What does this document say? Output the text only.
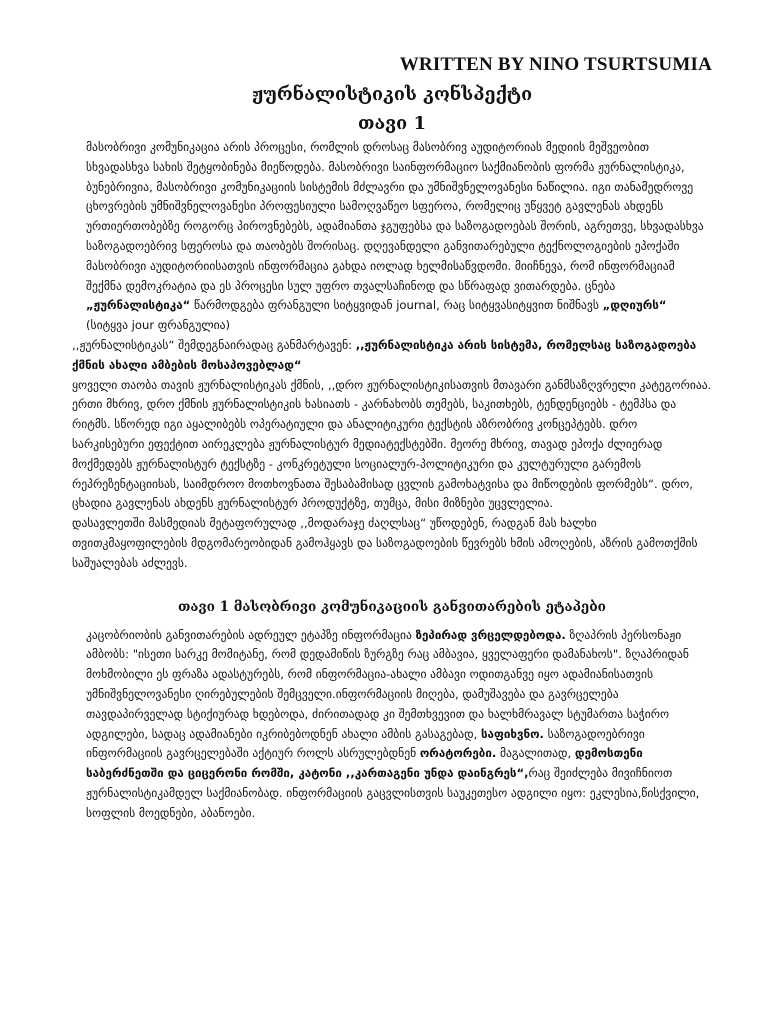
WRITTEN BY NINO TSURTSUMIA
ჟურნალისტიკის კონსპექტი
თავი 1

მასობრივი კომუნიკაცია არის პროცესი, რომლის დროსაც მასობრივ აუდიტორიას მედიის მეშვეობით სხვადასხვა სახის შეტყობინება მიეწოდება. მასობრივი საინფორმაციო საქმიანობის ფორმა ჟურნალისტიკა, ბუნებრივია, მასობრივი კომუნიკაციის სისტემის მძლავრი და უმნიშვნელოვანესი ნაწილია. იგი თანამედროვე ცხოვრების უმნიშვნელოვანესი პროფესიული სამოღვაწეო სფეროა, რომელიც უწყვეტ გავლენას ახდენს ურთიერთობებზე როგორც პიროვნებებს, ადამიანთა ჯგუფებსა და საზოგადოებას შორის, აგრეთვე, სხვადასხვა საზოგადოებრივ სფეროსა და თაობებს შორისაც. დღევანდელი განვითარებული ტექნოლოგიების ეპოქაში მასობრივი აუდიტორიისათვის ინფორმაცია გახდა იოლად ხელმისაწვდომი. მიიჩნევა, რომ ინფორმაციამ შექმნა დემოკრატია და ეს პროცესი სულ უფრო თვალსაჩინოდ და სწრაფად ვითარდება. ცნება „ჟურნალისტიკა“ წარმოდგება ფრანგული სიტყვიდან journal, რაც სიტყვასიტყვით ნიშნავს „დღიურს“ (სიტყვა jour ფრანგულია)

,,ჟურნალისტიკას“ შემდეგნაირადაც განმარტავენ: ,,ჟურნალისტიკა არის სისტემა, რომელსაც საზოგადოება ქმნის ახალი ამბების მოსაპოვებლად“

ყოველი თაობა თავის ჟურნალისტიკას ქმნის, ,,დრო ჟურნალისტიკისათვის მთავარი განმსაზღვრელი კატეგორიაა. ერთი მხრივ, დრო ქმნის ჟურნალისტიკის ხასიათს - კარნახობს თემებს, საკითხებს, ტენდენციებს - ტემპსა და რიტმს. სწორედ იგი აყალიბებს ოპერატიული და ანალიტიკური ტექსტის აზრობრივ კონცეპტებს. დრო სარკისებური ეფექტით აირეკლება ჟურნალისტურ მედიატექსტებში. მეორე მხრივ, თავად ეპოქა ძლიერად მოქმედებს ჟურნალისტურ ტექსტზე - კონკრეტული სოციალურ-პოლიტიკური და კულტურული გარემოს რეპრეზენტაციისას, საიმდროო მოთხოვნათა შესაბამისად ცვლის გამოხატვისა და მიწოდების ფორმებს“. დრო, ცხადია გავლენას ახდენს ჟურნალისტურ პროდუქტზე, თუმცა, მისი მიზნები უცვლელია.

დასავლეთში მასმედიას მეტაფორულად ,,მოდარაჯე ძაღლსაც“ უწოდებენ, რადგან მას ხალხი თვითკმაყოფილების მდგომარეობიდან გამოჰყავს და საზოგადოების წევრებს ხმის ამოღების, აზრის გამოთქმის საშუალებას აძლევს.

თავი 1 მასობრივი კომუნიკაციის განვითარების ეტაპები

კაცობრიობის განვითარების ადრეულ ეტაპზე ინფორმაცია ზეპირად ვრცელდებოდა. ზღაპრის პერსონაჟი ამბობს: "ისეთი სარკე მომიტანე, რომ დედამიწის ზურგზე რაც ამბავია, ყველაფერი დამანახოს". ზღაპრიდან მოხმობილი ეს ფრაზა ადასტურებს, რომ ინფორმაცია-ახალი ამბავი ოდითგანვე იყო ადამიანისათვის უმნიშვნელოვანესი ღირებულების შემცველი.ინფორმაციის მიღება, დამუშავება და გავრცელება თავდაპირველად სტიქიურად ხდებოდა, ძირითადად კი შემთხვევით და ხალხმრავალ სტუმართა საჭირო ადგილები, სადაც ადამიანები იკრიბებოდნენ ახალი ამბის გასაგებად, საფიხვნო. საზოგადოებრივი ინფორმაციის გავრცელებაში აქტიურ როლს ასრულებდნენ ორატორები. მაგალითად, დემოსთენი საბერძნეთში და ციცერონი რომში, კატონი ,,კართაგენი უნდა დაინგრეს“,რაც შეიძლება მივიჩნიოთ ჟურნალისტიკამდელ საქმიანობად. ინფორმაციის გაცვლისთვის საუკეთესო ადგილი იყო: ეკლესია,წისქვილი, სოფლის მოედნები, აბანოები.
